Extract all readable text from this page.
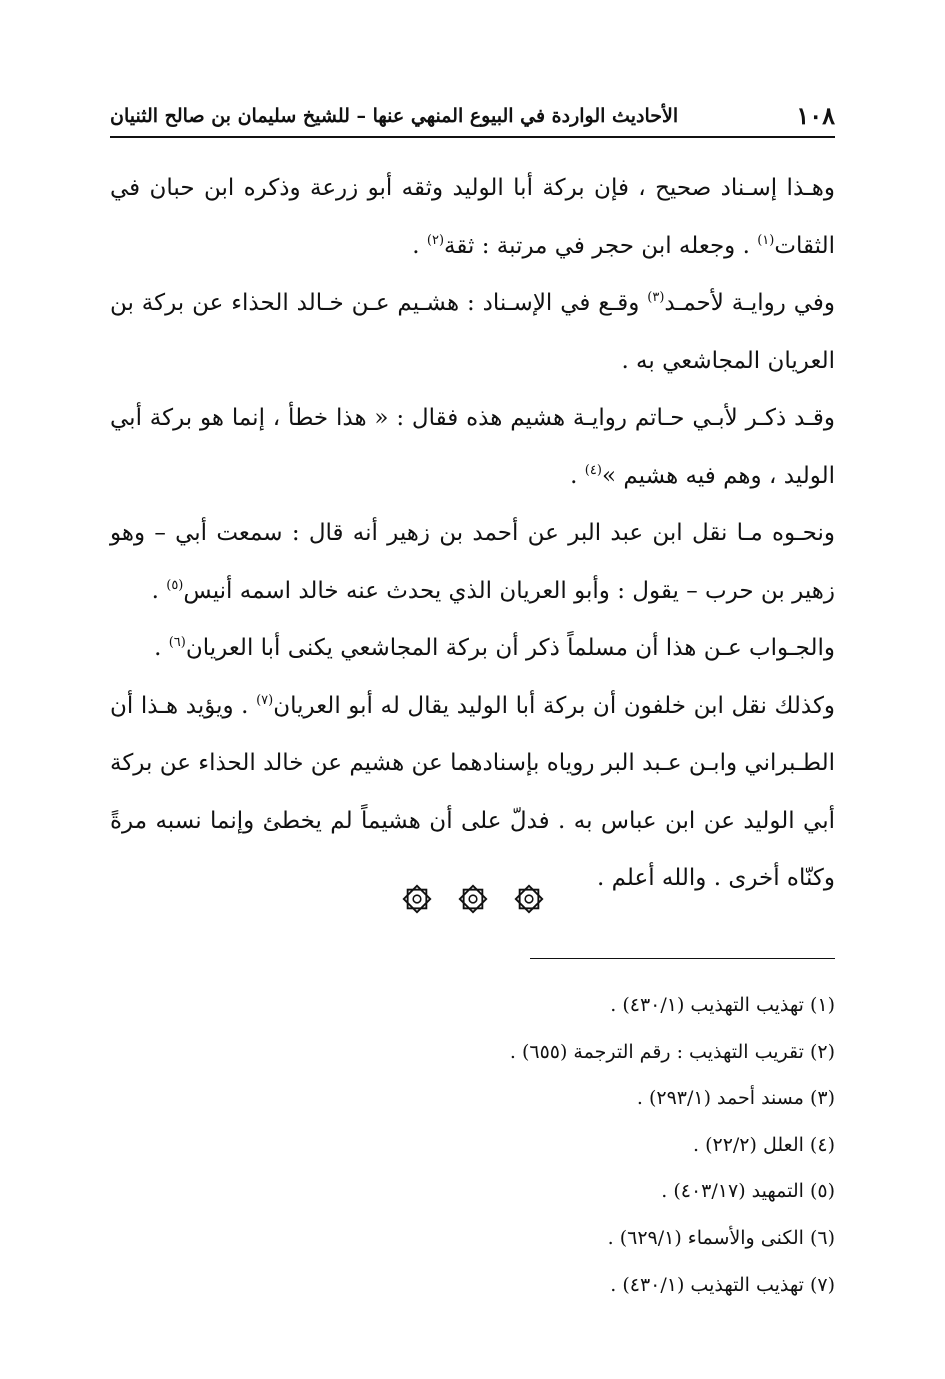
١٠٨
الأحاديث الواردة في البيوع المنهي عنها – للشيخ سليمان بن صالح الثنيان

وهـذا إسـناد صحيح ، فإن بركة أبا الوليد وثقه أبو زرعة وذكره ابن حبان في الثقات$^{(١)}$ . وجعله ابن حجر في مرتبة : ثقة$^{(٢)}$ .

وفي روايـة لأحمـد$^{(٣)}$ وقـع في الإسـناد : هشـيم عـن خـالد الحذاء عن بركة بن العريان المجاشعي به .

وقـد ذكـر لأبـي حـاتم روايـة هشيم هذه فقال : « هذا خطأ ، إنما هو بركة أبي الوليد ، وهم فيه هشيم »$^{(٤)}$ .

ونحـوه مـا نقل ابن عبد البر عن أحمد بن زهير أنه قال : سمعت أبي – وهو زهير بن حرب – يقول : وأبو العريان الذي يحدث عنه خالد اسمه أنيس$^{(٥)}$ .

والجـواب عـن هذا أن مسلماً ذكر أن بركة المجاشعي يكنى أبا العريان$^{(٦)}$ .

وكذلك نقل ابن خلفون أن بركة أبا الوليد يقال له أبو العريان$^{(٧)}$ . ويؤيد هـذا أن الطـبراني وابـن عـبد البر روياه بإسنادهما عن هشيم عن خالد الحذاء عن بركة أبي الوليد عن ابن عباس به . فدلّ على أن هشيماً لم يخطئ وإنما نسبه مرةً وكنّاه أخرى . والله أعلم .

(١) تهذيب التهذيب (٤٣٠/١) .

(٢) تقريب التهذيب : رقم الترجمة (٦٥٥) .

(٣) مسند أحمد (٢٩٣/١) .

(٤) العلل (٢٢/٢) .

(٥) التمهيد (٤٠٣/١٧) .

(٦) الكنى والأسماء (٦٢٩/١) .

(٧) تهذيب التهذيب (٤٣٠/١) .
